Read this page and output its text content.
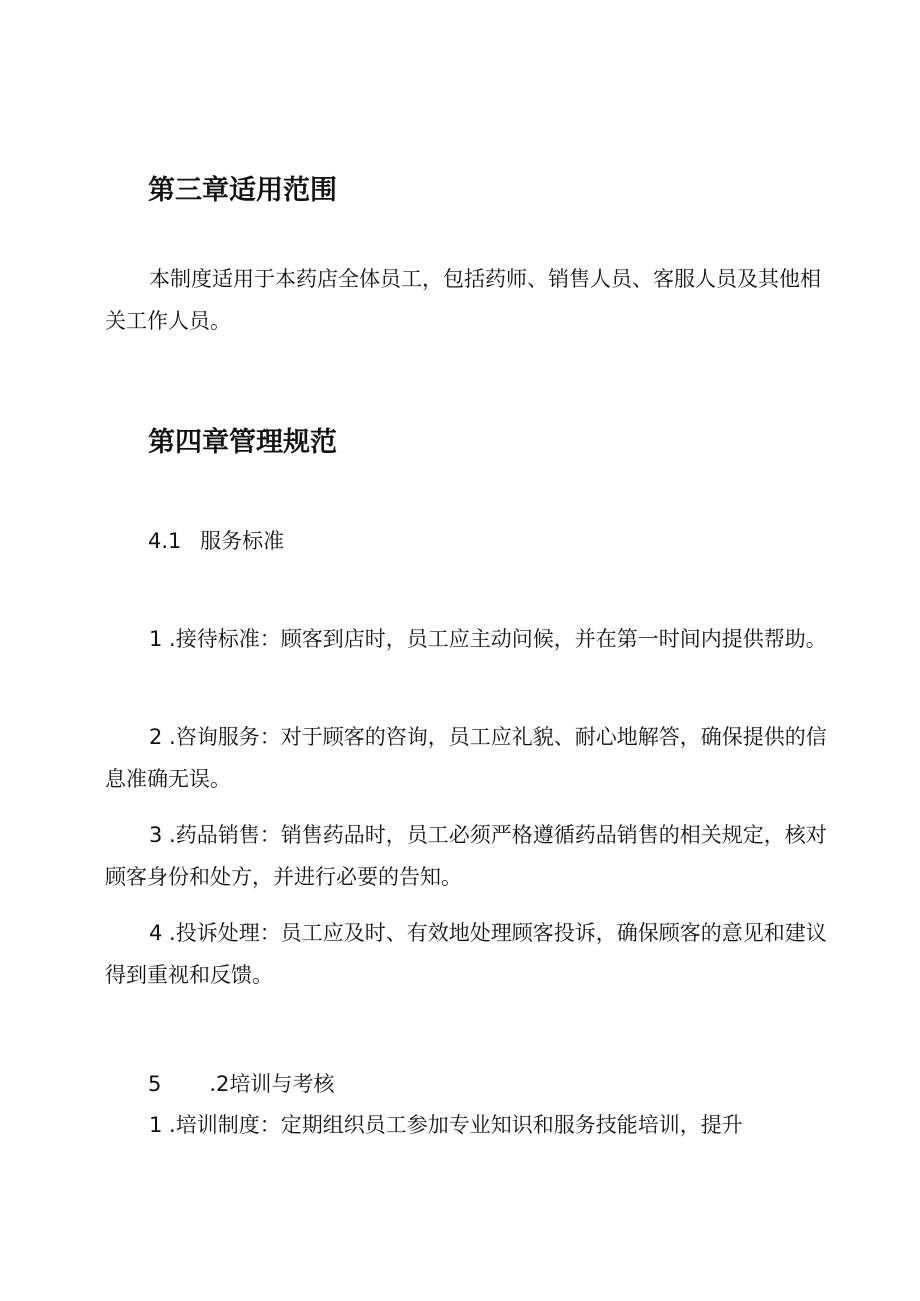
第三章适用范围

本制度适用于本药店全体员工，包括药师、销售人员、客服人员及其他相关工作人员。

第四章管理规范
4.1 服务标准

1 .接待标准：顾客到店时，员工应主动问候，并在第一时间内提供帮助。

2 .咨询服务：对于顾客的咨询，员工应礼貌、耐心地解答，确保提供的信息准确无误。

3 .药品销售：销售药品时，员工必须严格遵循药品销售的相关规定，核对顾客身份和处方，并进行必要的告知。

4 .投诉处理：员工应及时、有效地处理顾客投诉，确保顾客的意见和建议得到重视和反馈。

5 .2培训与考核

1 .培训制度：定期组织员工参加专业知识和服务技能培训，提升
